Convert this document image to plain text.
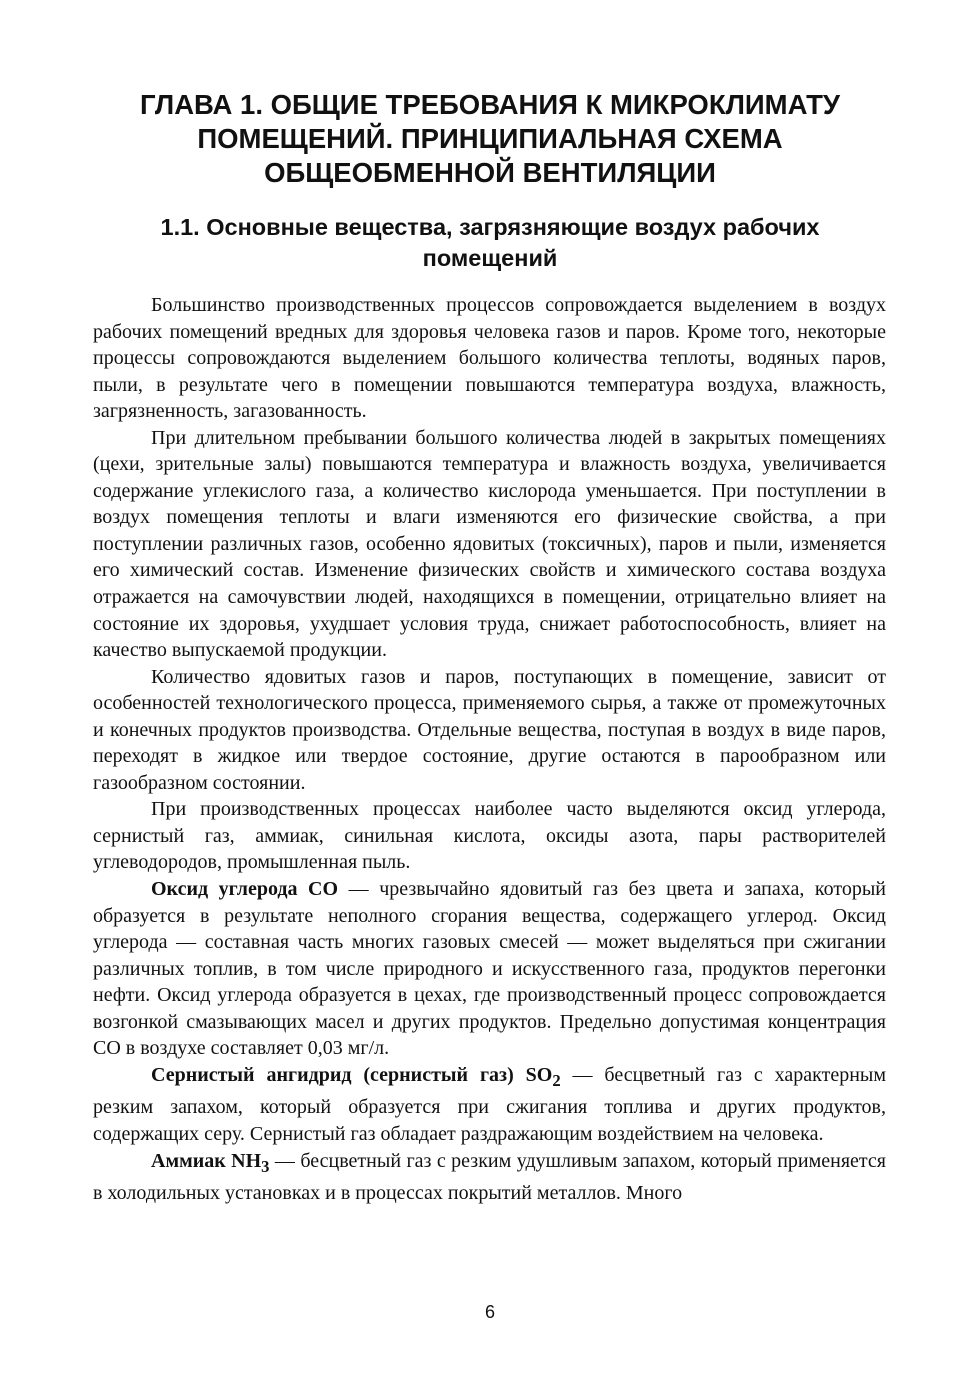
ГЛАВА 1. ОБЩИЕ ТРЕБОВАНИЯ К МИКРОКЛИМАТУ ПОМЕЩЕНИЙ. ПРИНЦИПИАЛЬНАЯ СХЕМА ОБЩЕОБМЕННОЙ ВЕНТИЛЯЦИИ
1.1. Основные вещества, загрязняющие воздух рабочих помещений

Большинство производственных процессов сопровождается выделением в воздух рабочих помещений вредных для здоровья человека газов и паров. Кроме того, некоторые процессы сопровождаются выделением большого количества теплоты, водяных паров, пыли, в результате чего в помещении повышаются температура воздуха, влажность, загрязненность, загазованность.

При длительном пребывании большого количества людей в закрытых помещениях (цехи, зрительные залы) повышаются температура и влажность воздуха, увеличивается содержание углекислого газа, а количество кислорода уменьшается. При поступлении в воздух помещения теплоты и влаги изменяются его физические свойства, а при поступлении различных газов, особенно ядовитых (токсичных), паров и пыли, изменяется его химический состав. Изменение физических свойств и химического состава воздуха отражается на самочувствии людей, находящихся в помещении, отрицательно влияет на состояние их здоровья, ухудшает условия труда, снижает работоспособность, влияет на качество выпускаемой продукции.

Количество ядовитых газов и паров, поступающих в помещение, зависит от особенностей технологического процесса, применяемого сырья, а также от промежуточных и конечных продуктов производства. Отдельные вещества, поступая в воздух в виде паров, переходят в жидкое или твердое состояние, другие остаются в парообразном или газообразном состоянии.

При производственных процессах наиболее часто выделяются оксид углерода, сернистый газ, аммиак, синильная кислота, оксиды азота, пары растворителей углеводородов, промышленная пыль.

Оксид углерода CO — чрезвычайно ядовитый газ без цвета и запаха, который образуется в результате неполного сгорания вещества, содержащего углерод. Оксид углерода — составная часть многих газовых смесей — может выделяться при сжигании различных топлив, в том числе природного и искусственного газа, продуктов перегонки нефти. Оксид углерода образуется в цехах, где производственный процесс сопровождается возгонкой смазывающих масел и других продуктов. Предельно допустимая концентрация CO в воздухе составляет 0,03 мг/л.

Сернистый ангидрид (сернистый газ) $SO_2$ — бесцветный газ с характерным резким запахом, который образуется при сжигания топлива и других продуктов, содержащих серу. Сернистый газ обладает раздражающим воздействием на человека.

Аммиак $NH_3$ — бесцветный газ с резким удушливым запахом, который применяется в холодильных установках и в процессах покрытий металлов. Много

6
